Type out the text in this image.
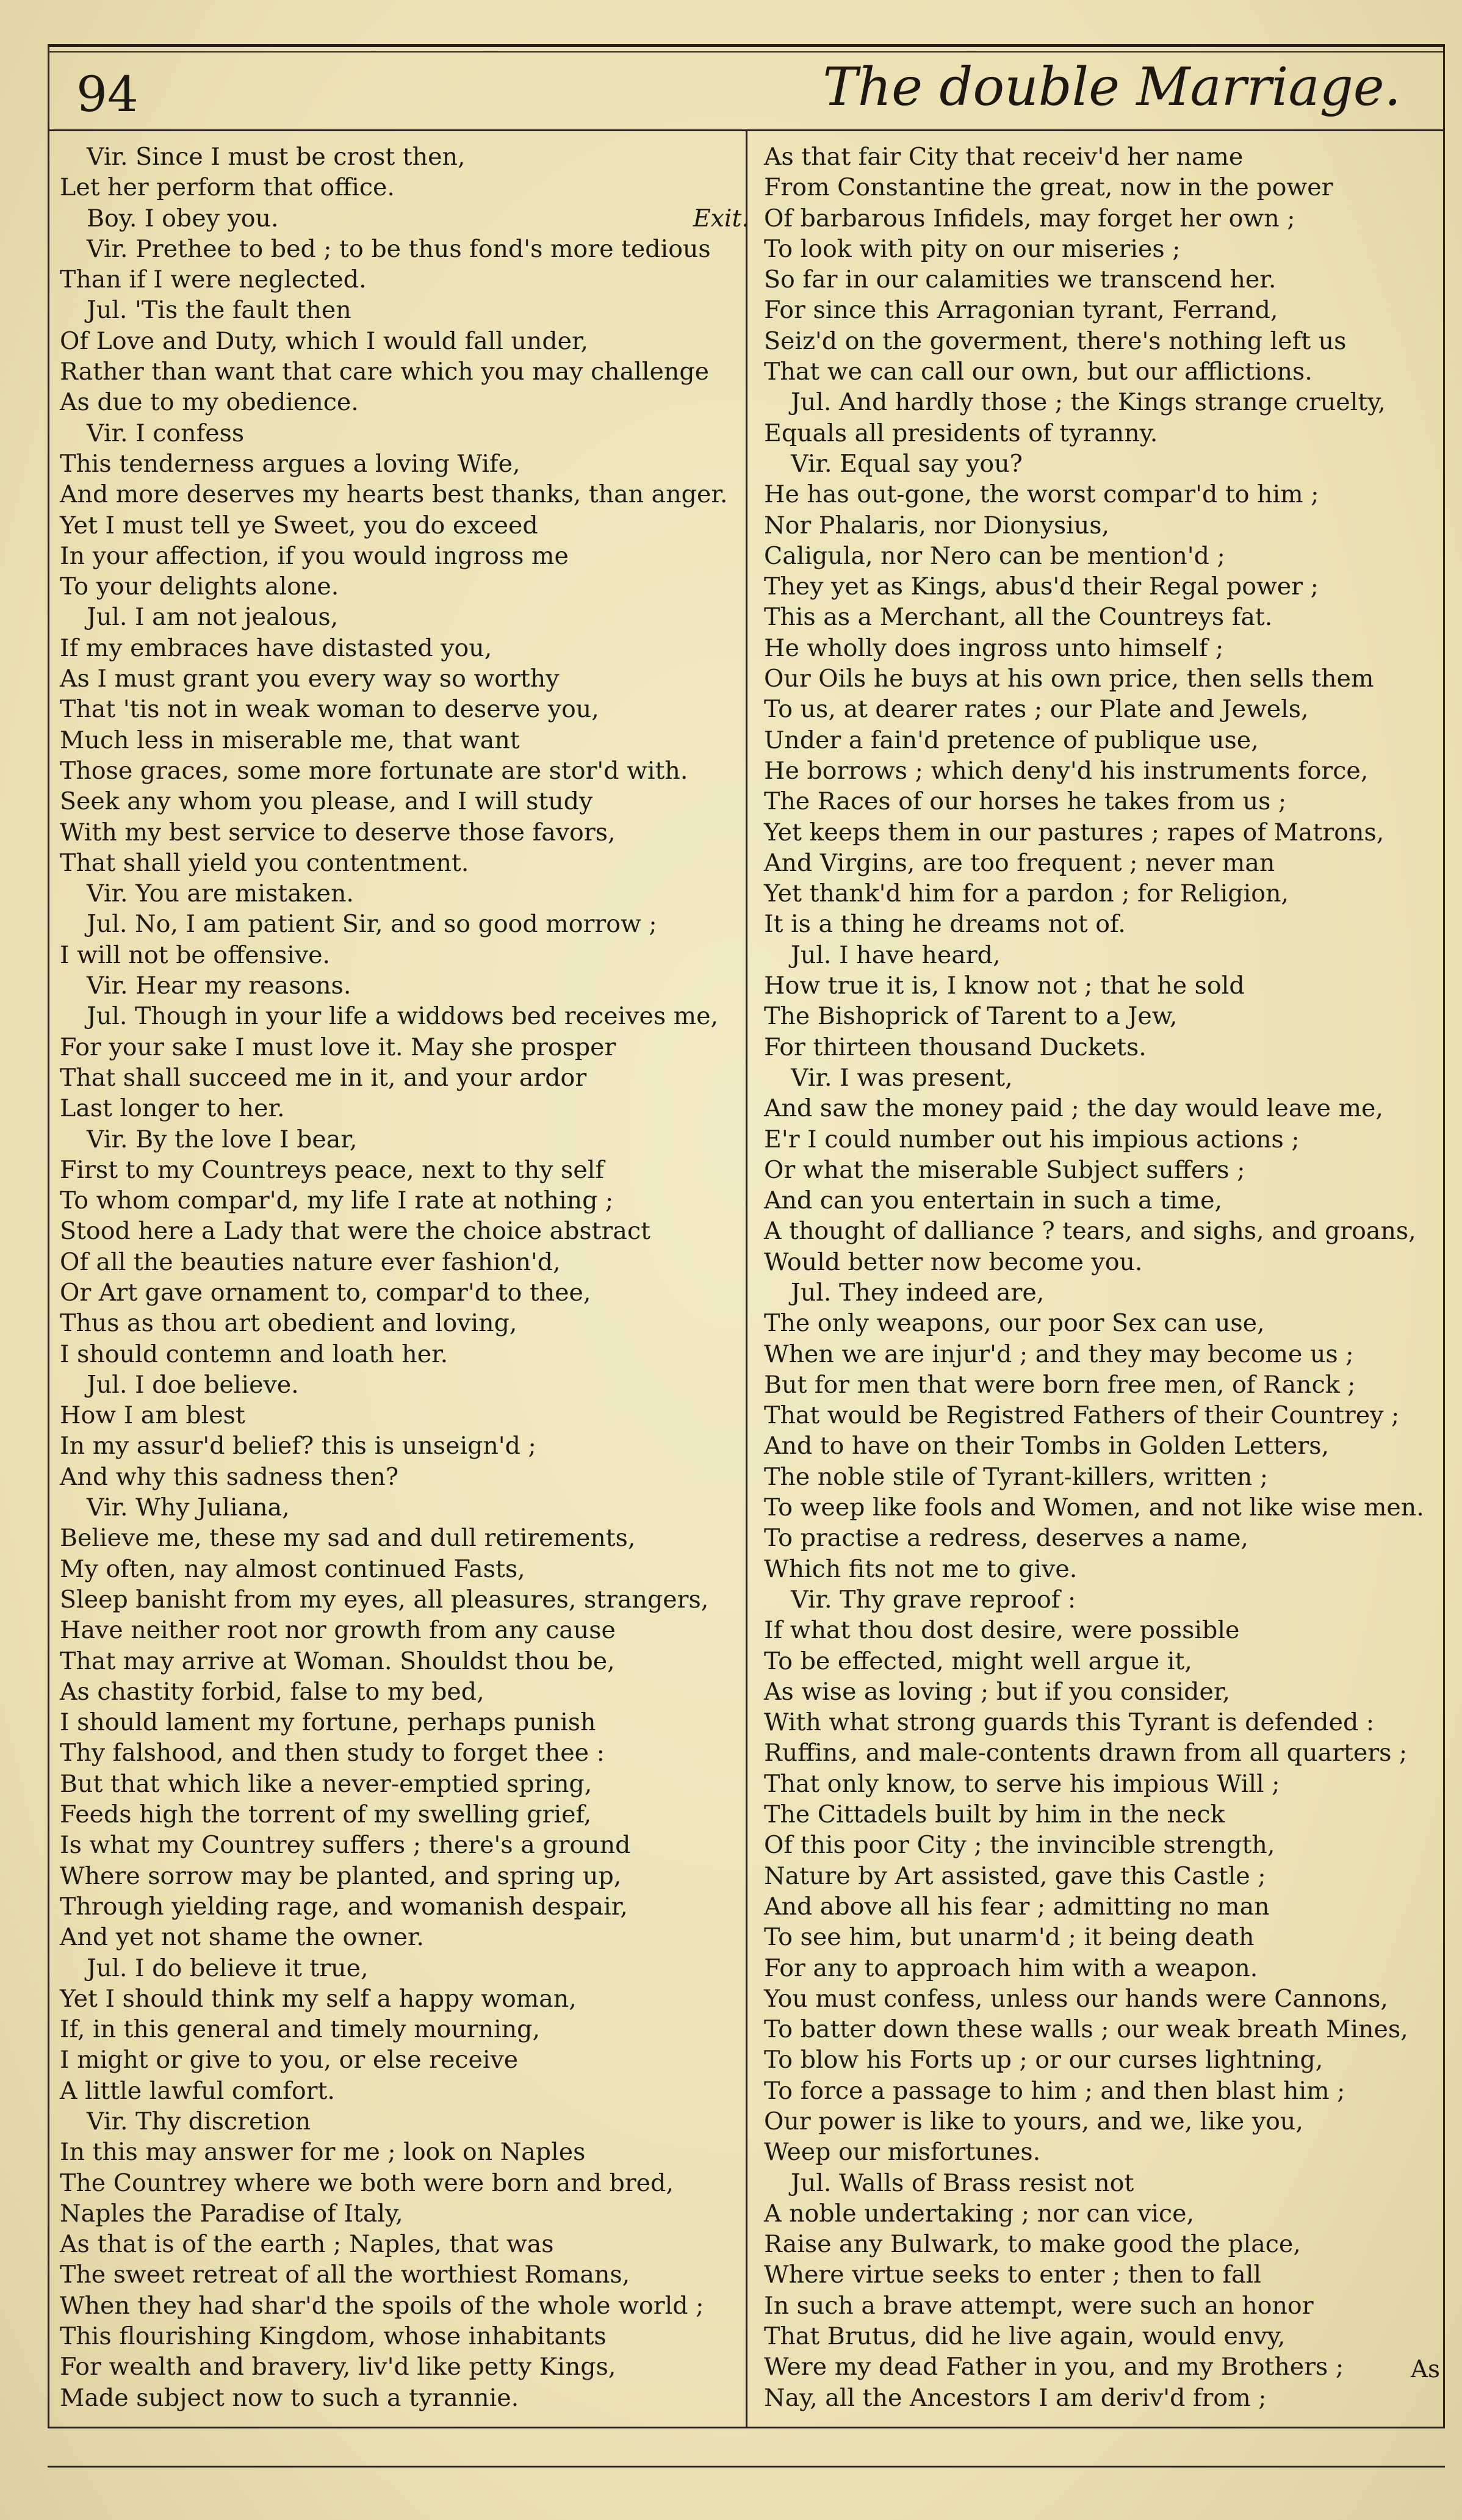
94	The double Marriage.
Vir. Since I must be crost then,
Let her perform that office.
Boy. I obey you.	Exit.
Vir. Prethee to bed ; to be thus fond's more tedious
Than if I were neglected.
Jul. 'Tis the fault then
Of Love and Duty, which I would fall under,
Rather than want that care which you may challenge
As due to my obedience.
Vir. I confess
This tenderness argues a loving Wife,
And more deserves my hearts best thanks, than anger.
Yet I must tell ye Sweet, you do exceed
In your affection, if you would ingross me
To your delights alone.
Jul. I am not jealous,
If my embraces have distasted you,
As I must grant you every way so worthy
That 'tis not in weak woman to deserve you,
Much less in miserable me, that want
Those graces, some more fortunate are stor'd with.
Seek any whom you please, and I will study
With my best service to deserve those favors,
That shall yield you contentment.
Vir. You are mistaken.
Jul. No, I am patient Sir, and so good morrow ;
I will not be offensive.
Vir. Hear my reasons.
Jul. Though in your life a widdows bed receives me,
For your sake I must love it. May she prosper
That shall succeed me in it, and your ardor
Last longer to her.
Vir. By the love I bear,
First to my Countreys peace, next to thy self
To whom compar'd, my life I rate at nothing ;
Stood here a Lady that were the choice abstract
Of all the beauties nature ever fashion'd,
Or Art gave ornament to, compar'd to thee,
Thus as thou art obedient and loving,
I should contemn and loath her.
Jul. I doe believe.
How I am blest
In my assur'd belief? this is unseign'd ;
And why this sadness then?
Vir. Why Juliana,
Believe me, these my sad and dull retirements,
My often, nay almost continued Fasts,
Sleep banisht from my eyes, all pleasures, strangers,
Have neither root nor growth from any cause
That may arrive at Woman. Shouldst thou be,
As chastity forbid, false to my bed,
I should lament my fortune, perhaps punish
Thy falshood, and then study to forget thee :
But that which like a never-emptied spring,
Feeds high the torrent of my swelling grief,
Is what my Countrey suffers ; there's a ground
Where sorrow may be planted, and spring up,
Through yielding rage, and womanish despair,
And yet not shame the owner.
Jul. I do believe it true,
Yet I should think my self a happy woman,
If, in this general and timely mourning,
I might or give to you, or else receive
A little lawful comfort.
Vir. Thy discretion
In this may answer for me ; look on Naples
The Countrey where we both were born and bred,
Naples the Paradise of Italy,
As that is of the earth ; Naples, that was
The sweet retreat of all the worthiest Romans,
When they had shar'd the spoils of the whole world ;
This flourishing Kingdom, whose inhabitants
For wealth and bravery, liv'd like petty Kings,
Made subject now to such a tyrannie.
As that fair City that receiv'd her name
From Constantine the great, now in the power
Of barbarous Infidels, may forget her own ;
To look with pity on our miseries ;
So far in our calamities we transcend her.
For since this Arragonian tyrant, Ferrand,
Seiz'd on the goverment, there's nothing left us
That we can call our own, but our afflictions.
Jul. And hardly those ; the Kings strange cruelty,
Equals all presidents of tyranny.
Vir. Equal say you?
He has out-gone, the worst compar'd to him ;
Nor Phalaris, nor Dionysius,
Caligula, nor Nero can be mention'd ;
They yet as Kings, abus'd their Regal power ;
This as a Merchant, all the Countreys fat.
He wholly does ingross unto himself ;
Our Oils he buys at his own price, then sells them
To us, at dearer rates ; our Plate and Jewels,
Under a fain'd pretence of publique use,
He borrows ; which deny'd his instruments force,
The Races of our horses he takes from us ;
Yet keeps them in our pastures ; rapes of Matrons,
And Virgins, are too frequent ; never man
Yet thank'd him for a pardon ; for Religion,
It is a thing he dreams not of.
Jul. I have heard,
How true it is, I know not ; that he sold
The Bishoprick of Tarent to a Jew,
For thirteen thousand Duckets.
Vir. I was present,
And saw the money paid ; the day would leave me,
E'r I could number out his impious actions ;
Or what the miserable Subject suffers ;
And can you entertain in such a time,
A thought of dalliance ? tears, and sighs, and groans,
Would better now become you.
Jul. They indeed are,
The only weapons, our poor Sex can use,
When we are injur'd ; and they may become us ;
But for men that were born free men, of Ranck ;
That would be Registred Fathers of their Countrey ;
And to have on their Tombs in Golden Letters,
The noble stile of Tyrant-killers, written ;
To weep like fools and Women, and not like wise men.
To practise a redress, deserves a name,
Which fits not me to give.
Vir. Thy grave reproof :
If what thou dost desire, were possible
To be effected, might well argue it,
As wise as loving ; but if you consider,
With what strong guards this Tyrant is defended :
Ruffins, and male-contents drawn from all quarters ;
That only know, to serve his impious Will ;
The Cittadels built by him in the neck
Of this poor City ; the invincible strength,
Nature by Art assisted, gave this Castle ;
And above all his fear ; admitting no man
To see him, but unarm'd ; it being death
For any to approach him with a weapon.
You must confess, unless our hands were Cannons,
To batter down these walls ; our weak breath Mines,
To blow his Forts up ; or our curses lightning,
To force a passage to him ; and then blast him ;
Our power is like to yours, and we, like you,
Weep our misfortunes.
Jul. Walls of Brass resist not
A noble undertaking ; nor can vice,
Raise any Bulwark, to make good the place,
Where virtue seeks to enter ; then to fall
In such a brave attempt, were such an honor
That Brutus, did he live again, would envy,
Were my dead Father in you, and my Brothers ;
Nay, all the Ancestors I am deriv'd from ;
As
